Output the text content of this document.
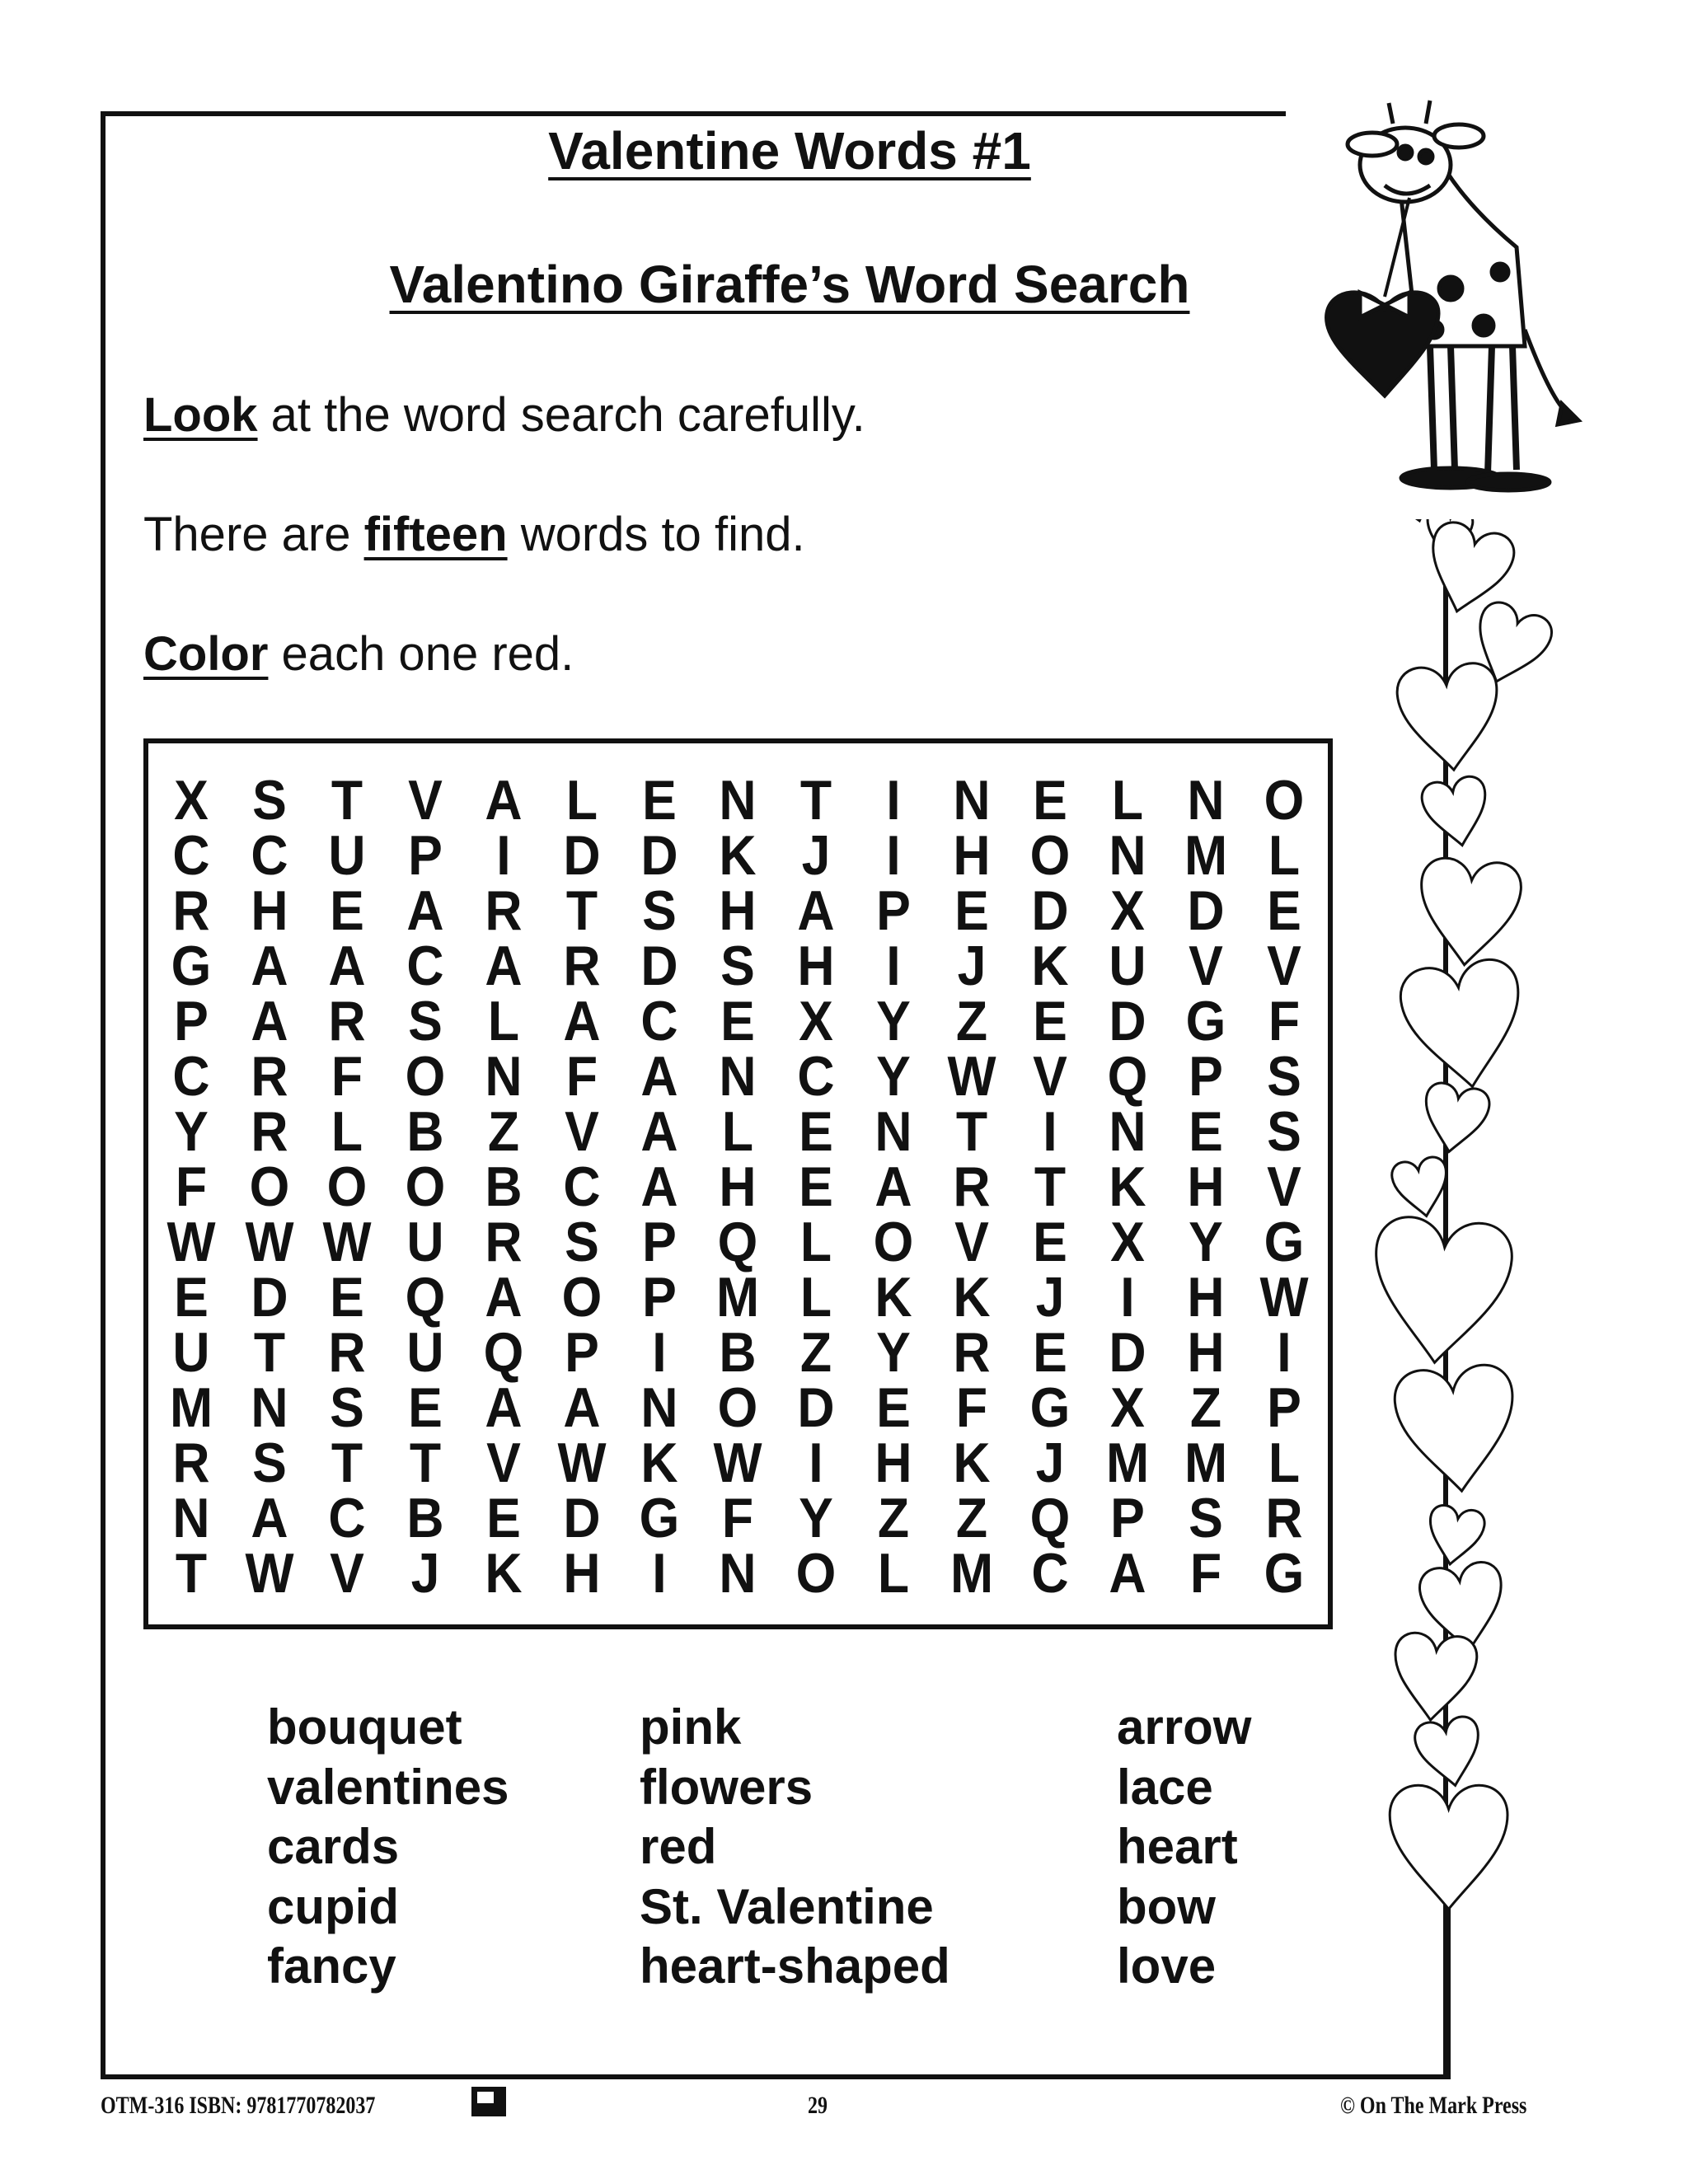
Valentine Words #1
Valentino Giraffe’s Word Search
Look at the word search carefully.
There are fifteen words to find.
Color each one red.
X S T V A L E N T I N E L N O
C C U P I D D K J	I H O N M L
R H E A R T S H A P E D X D E
G A A C A R D S H I	J K U V V
P A R S L A C E X Y Z E D G F
C R F O N F A N C Y W V Q P S
Y R L B Z V A L E N T I N E S
F O O O B C A H E A R T K H V
W W W U R S P Q L O V E X Y G
E D E Q A O P M L K K J	I H W
U T R U Q P I B Z Y R E D H I
M N S E A A N O D E F G X Z P
R S T T V W K W I H K J M M L
N A C B E D G F Y Z Z Q P S R
T W V J K H I N O L M C A F G
bouquet
valentines
cards
cupid
fancy
pink
flowers
red
St. Valentine
heart-shaped
arrow
lace
heart
bow
love
OTM-316 ISBN: 9781770782037	29	© On The Mark Press
